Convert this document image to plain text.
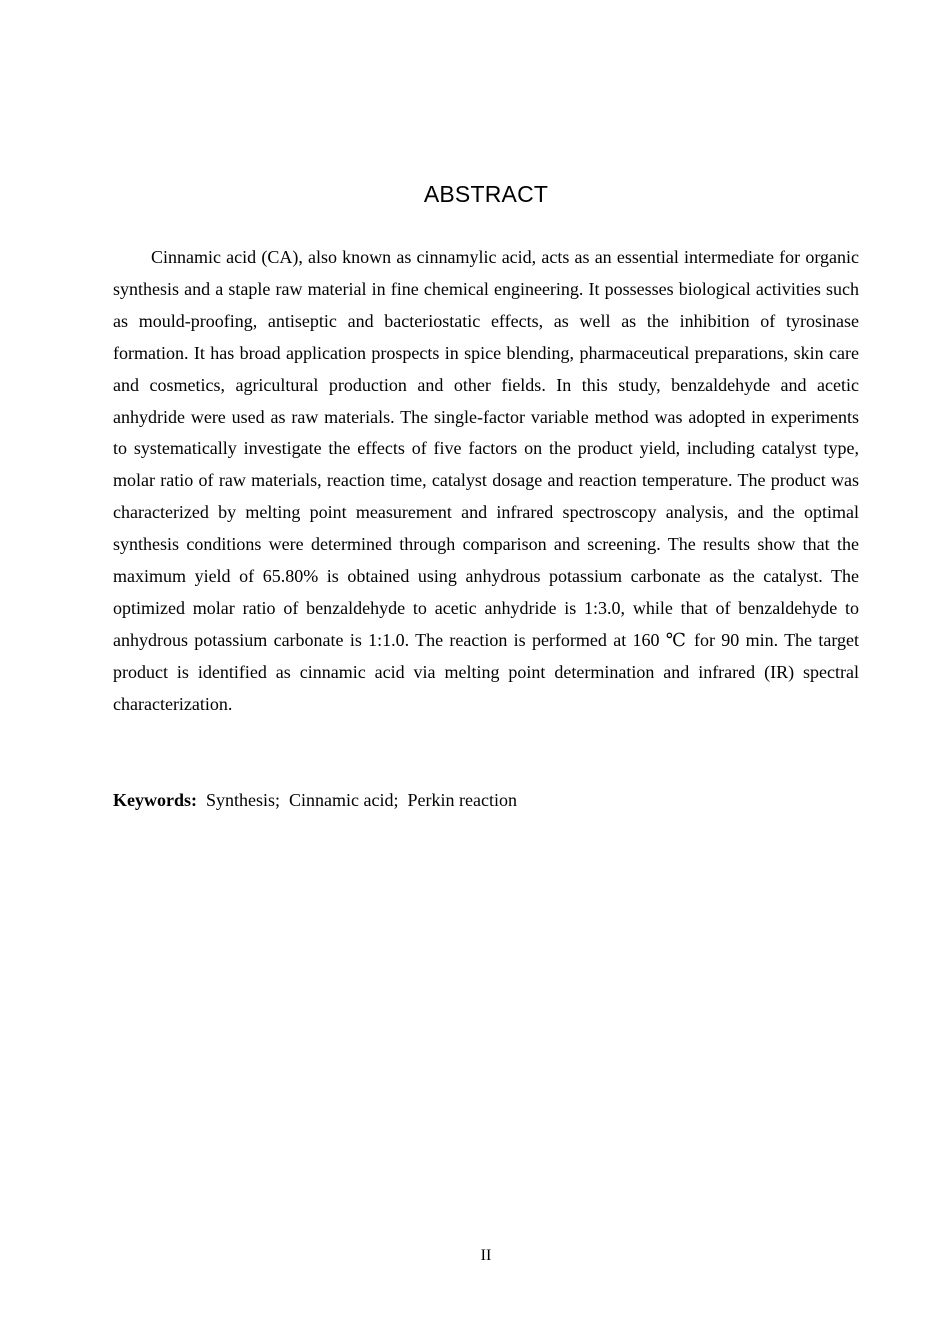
ABSTRACT

Cinnamic acid (CA), also known as cinnamylic acid, acts as an essential intermediate for organic synthesis and a staple raw material in fine chemical engineering. It possesses biological activities such as mould-proofing, antiseptic and bacteriostatic effects, as well as the inhibition of tyrosinase formation. It has broad application prospects in spice blending, pharmaceutical preparations, skin care and cosmetics, agricultural production and other fields. In this study, benzaldehyde and acetic anhydride were used as raw materials. The single-factor variable method was adopted in experiments to systematically investigate the effects of five factors on the product yield, including catalyst type, molar ratio of raw materials, reaction time, catalyst dosage and reaction temperature. The product was characterized by melting point measurement and infrared spectroscopy analysis, and the optimal synthesis conditions were determined through comparison and screening. The results show that the maximum yield of 65.80% is obtained using anhydrous potassium carbonate as the catalyst. The optimized molar ratio of benzaldehyde to acetic anhydride is 1:3.0, while that of benzaldehyde to anhydrous potassium carbonate is 1:1.0. The reaction is performed at 160 ℃ for 90 min. The target product is identified as cinnamic acid via melting point determination and infrared (IR) spectral characterization.

Keywords:  Synthesis;  Cinnamic acid;  Perkin reaction
II
